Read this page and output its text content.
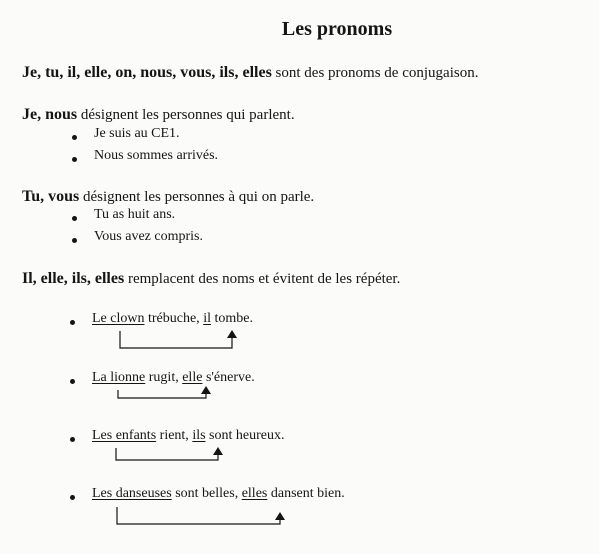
Les pronoms
Je, tu, il, elle, on, nous, vous, ils, elles sont des pronoms de conjugaison.
Je, nous désignent les personnes qui parlent.
Je suis au CE1.
Nous sommes arrivés.
Tu, vous désignent les personnes à qui on parle.
Tu as huit ans.
Vous avez compris.
Il, elle, ils, elles remplacent des noms et évitent de les répéter.
Le clown trébuche, il tombe.
La lionne rugit, elle s'énerve.
Les enfants rient, ils sont heureux.
Les danseuses sont belles, elles dansent bien.
